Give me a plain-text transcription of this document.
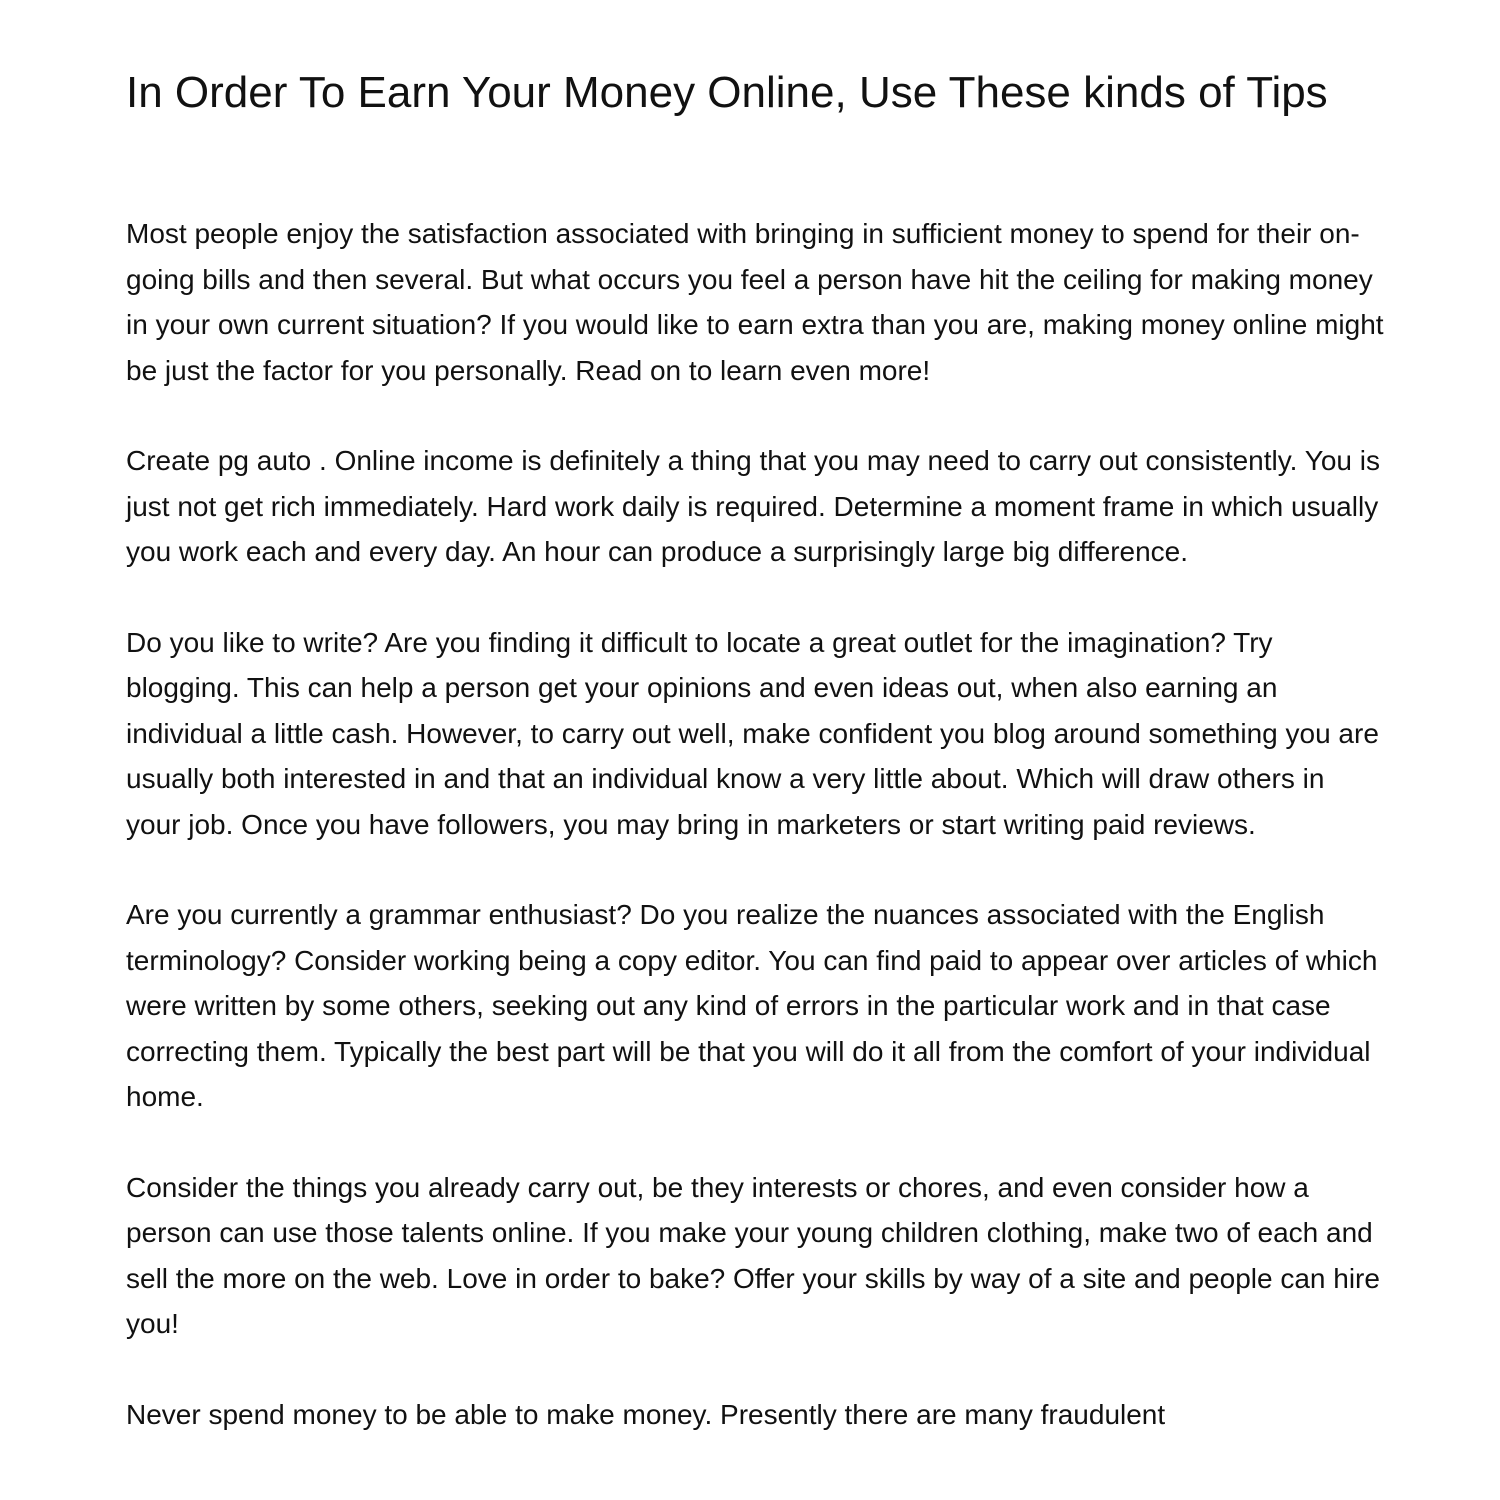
In Order To Earn Your Money Online, Use These kinds of Tips

Most people enjoy the satisfaction associated with bringing in sufficient money to spend for their on-going bills and then several. But what occurs you feel a person have hit the ceiling for making money in your own current situation? If you would like to earn extra than you are, making money online might be just the factor for you personally. Read on to learn even more!

Create pg auto . Online income is definitely a thing that you may need to carry out consistently. You is just not get rich immediately. Hard work daily is required. Determine a moment frame in which usually you work each and every day. An hour can produce a surprisingly large big difference.

Do you like to write? Are you finding it difficult to locate a great outlet for the imagination? Try blogging. This can help a person get your opinions and even ideas out, when also earning an individual a little cash. However, to carry out well, make confident you blog around something you are usually both interested in and that an individual know a very little about. Which will draw others in your job. Once you have followers, you may bring in marketers or start writing paid reviews.

Are you currently a grammar enthusiast? Do you realize the nuances associated with the English terminology? Consider working being a copy editor. You can find paid to appear over articles of which were written by some others, seeking out any kind of errors in the particular work and in that case correcting them. Typically the best part will be that you will do it all from the comfort of your individual home.

Consider the things you already carry out, be they interests or chores, and even consider how a person can use those talents online. If you make your young children clothing, make two of each and sell the more on the web. Love in order to bake? Offer your skills by way of a site and people can hire you!

Never spend money to be able to make money. Presently there are many fraudulent
